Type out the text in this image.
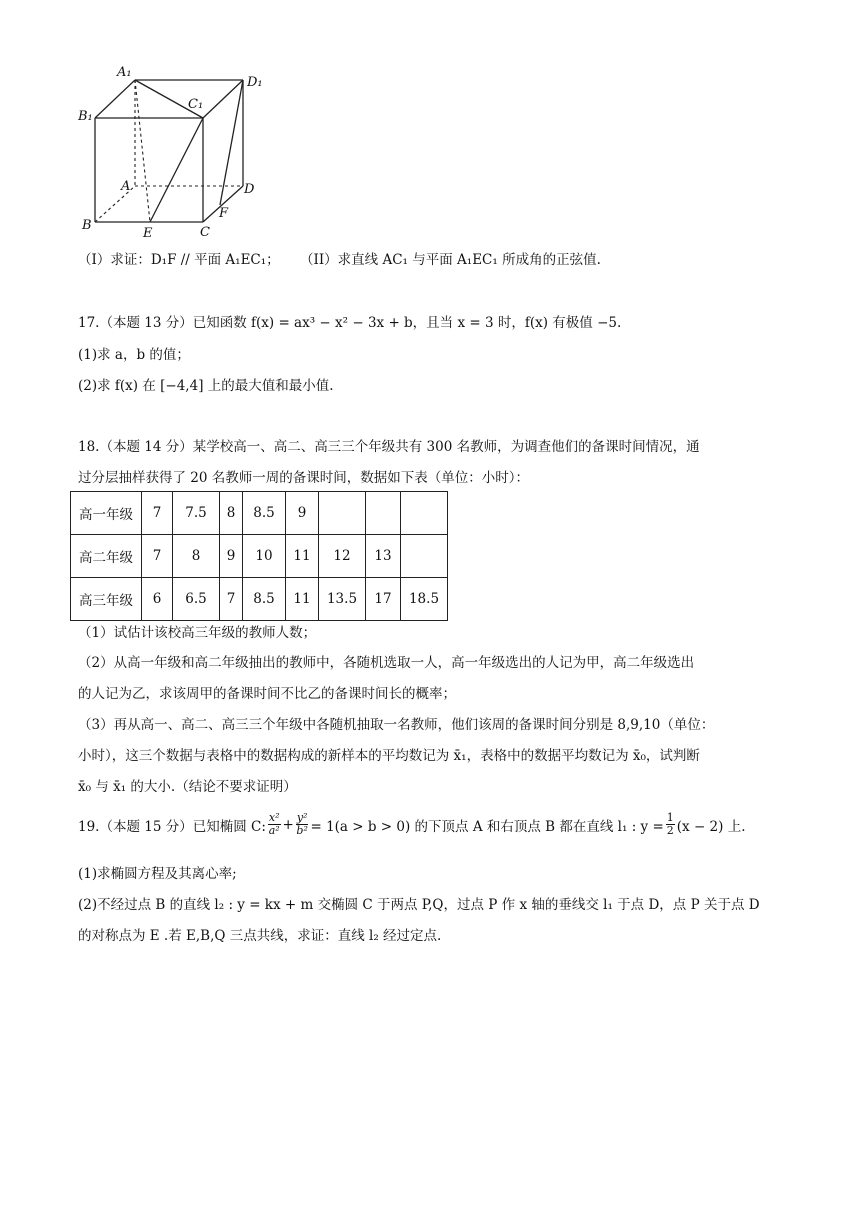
A₁
B₁
C₁
D₁
A
B	C
D
E
F
（I）求证：D₁F // 平面 A₁EC₁； （II）求直线 AC₁ 与平面 A₁EC₁ 所成角的正弦值.
17.（本题 13 分）已知函数 f(x) = ax³ − x² − 3x + b，且当 x = 3 时，f(x) 有极值 −5.
(1)求 a，b 的值；
(2)求 f(x) 在 [−4,4] 上的最大值和最小值.
18.（本题 14 分）某学校高一、高二、高三三个年级共有 300 名教师，为调查他们的备课时间情况，通
过分层抽样获得了 20 名教师一周的备课时间，数据如下表（单位：小时）：
高一年级	7	7.5	8	8.5	9			
高二年级	7	8	9	10	11	12	13	
高三年级	6	6.5	7	8.5	11	13.5	17	18.5
（1）试估计该校高三年级的教师人数；
（2）从高一年级和高二年级抽出的教师中，各随机选取一人，高一年级选出的人记为甲，高二年级选出
的人记为乙，求该周甲的备课时间不比乙的备课时间长的概率；
（3）再从高一、高二、高三三个年级中各随机抽取一名教师，他们该周的备课时间分别是 8,9,10（单位：
小时），这三个数据与表格中的数据构成的新样本的平均数记为 x̄₁，表格中的数据平均数记为 x̄₀，试判断
x̄₀ 与 x̄₁ 的大小.（结论不要求证明）
19.（本题 15 分）已知椭圆 C: $\frac{\text{x²}}{\text{a²}} + \frac{\text{y²}}{\text{b²}} = 1(a > b > 0)$ 的下顶点 A 和右顶点 B 都在直线 l₁ : $y = \frac{1}{2} (x - 2)$ 上.
(1)求椭圆方程及其离心率;
(2)不经过点 B 的直线 l₂ : y = kx + m 交椭圆 C 于两点 P,Q，过点 P 作 x 轴的垂线交 l₁ 于点 D，点 P 关于点 D
的对称点为 E .若 E,B,Q 三点共线，求证：直线 l₂ 经过定点.
